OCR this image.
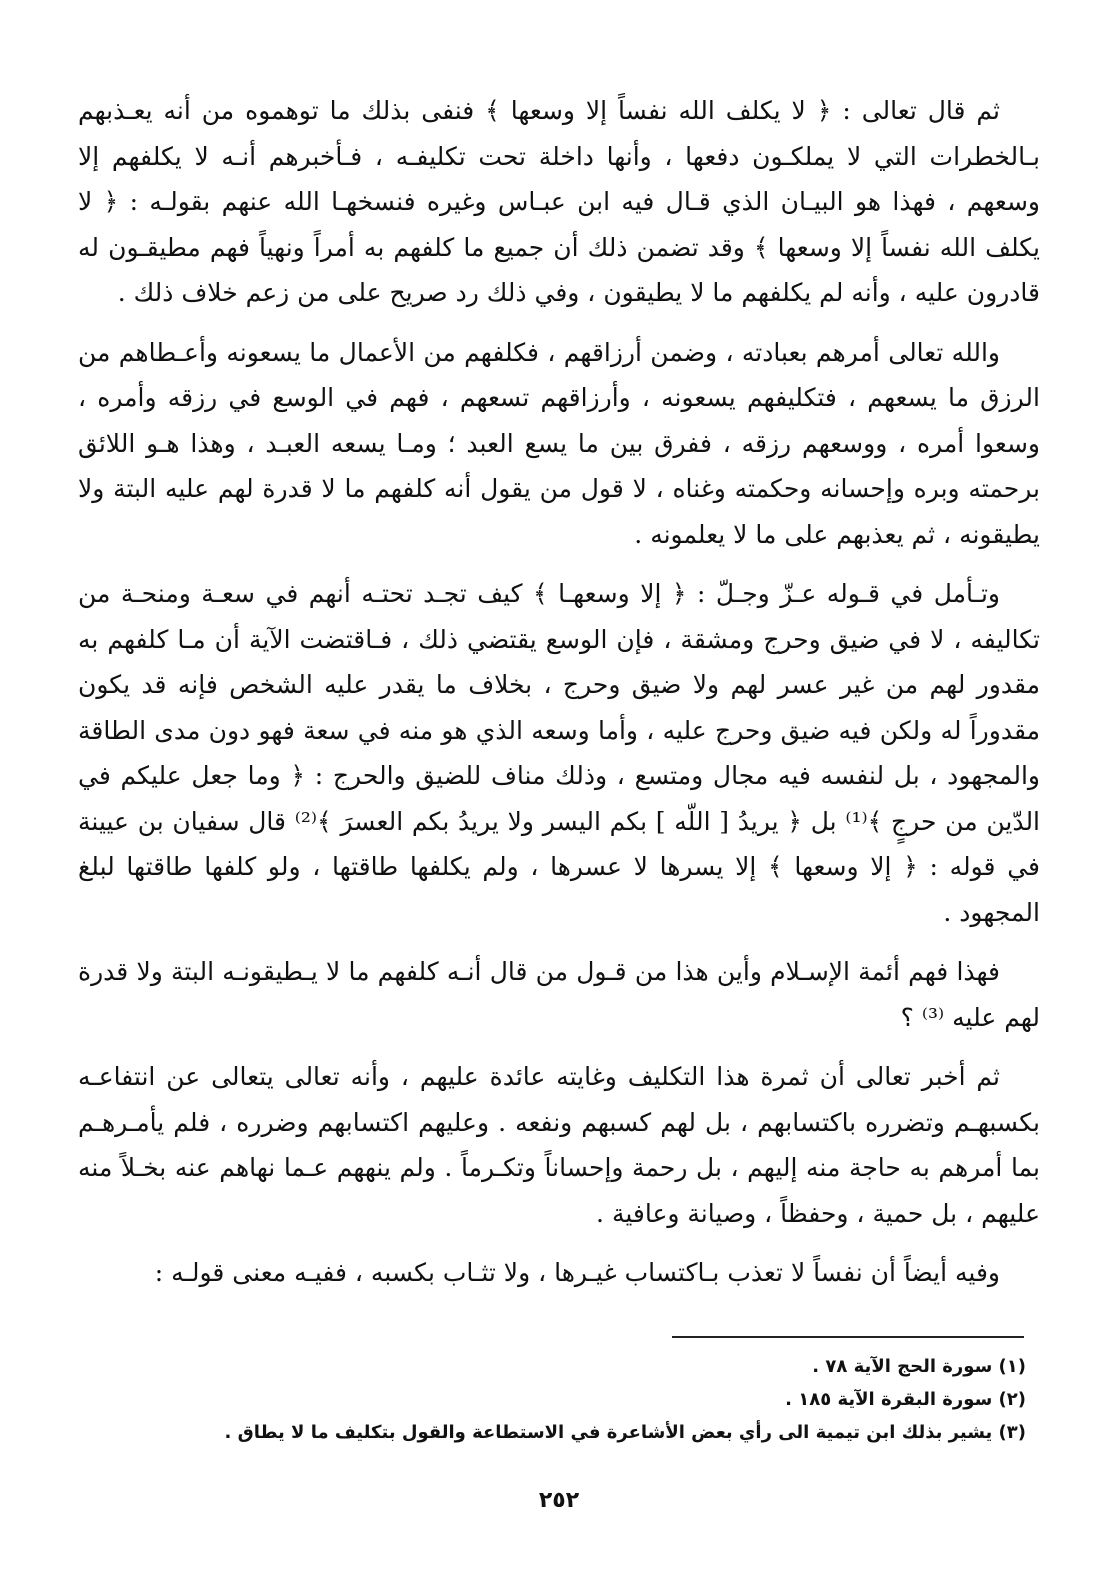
ثم قال تعالى : ﴿ لا يكلف الله نفساً إلا وسعها ﴾ فنفى بذلك ما توهموه من أنه يعـذبهم بـالخطرات التي لا يملكـون دفعها ، وأنها داخلة تحت تكليفـه ، فـأخبرهم أنـه لا يكلفهم إلا وسعهم ، فهذا هو البيـان الذي قـال فيه ابن عبـاس وغيره فنسخهـا الله عنهم بقولـه : ﴿ لا يكلف الله نفساً إلا وسعها ﴾ وقد تضمن ذلك أن جميع ما كلفهم به أمراً ونهياً فهم مطيقـون له قادرون عليه ، وأنه لم يكلفهم ما لا يطيقون ، وفي ذلك رد صريح على من زعم خلاف ذلك .

والله تعالى أمرهم بعبادته ، وضمن أرزاقهم ، فكلفهم من الأعمال ما يسعونه وأعـطاهم من الرزق ما يسعهم ، فتكليفهم يسعونه ، وأرزاقهم تسعهم ، فهم في الوسع في رزقه وأمره ، وسعوا أمره ، ووسعهم رزقه ، ففرق بين ما يسع العبد ؛ ومـا يسعه العبـد ، وهذا هـو اللائق برحمته وبره وإحسانه وحكمته وغناه ، لا قول من يقول أنه كلفهم ما لا قدرة لهم عليه البتة ولا يطيقونه ، ثم يعذبهم على ما لا يعلمونه .

وتـأمل في قـوله عـزّ وجـلّ : ﴿ إلا وسعهـا ﴾ كيف تجـد تحتـه أنهم في سعـة ومنحـة من تكاليفه ، لا في ضيق وحرج ومشقة ، فإن الوسع يقتضي ذلك ، فـاقتضت الآية أن مـا كلفهم به مقدور لهم من غير عسر لهم ولا ضيق وحرج ، بخلاف ما يقدر عليه الشخص فإنه قد يكون مقدوراً له ولكن فيه ضيق وحرج عليه ، وأما وسعه الذي هو منه في سعة فهو دون مدى الطاقة والمجهود ، بل لنفسه فيه مجال ومتسع ، وذلك مناف للضيق والحرج : ﴿ وما جعل عليكم في الدّين من حرجٍ ﴾⁽¹⁾ بل ﴿ يريدُ [ اللّه ] بكم اليسر ولا يريدُ بكم العسرَ ﴾⁽²⁾ قال سفيان بن عيينة في قوله : ﴿ إلا وسعها ﴾ إلا يسرها لا عسرها ، ولم يكلفها طاقتها ، ولو كلفها طاقتها لبلغ المجهود .

فهذا فهم أئمة الإسـلام وأين هذا من قـول من قال أنـه كلفهم ما لا يـطيقونـه البتة ولا قدرة لهم عليه ⁽³⁾ ؟

ثم أخبر تعالى أن ثمرة هذا التكليف وغايته عائدة عليهم ، وأنه تعالى يتعالى عن انتفاعـه بكسبهـم وتضرره باكتسابهم ، بل لهم كسبهم ونفعه . وعليهم اكتسابهم وضرره ، فلم يأمـرهـم بما أمرهم به حاجة منه إليهم ، بل رحمة وإحساناً وتكـرماً . ولم ينههم عـما نهاهم عنه بخـلاً منه عليهم ، بل حمية ، وحفظاً ، وصيانة وعافية .

وفيه أيضاً أن نفساً لا تعذب بـاكتساب غيـرها ، ولا تثـاب بكسبه ، ففيـه معنى قولـه :

(١) سورة الحج الآية ٧٨ .

(٢) سورة البقرة الآية ١٨٥ .

(٣) يشير بذلك ابن تيمية الى رأي بعض الأشاعرة في الاستطاعة والقول بتكليف ما لا يطاق .

٢٥٢
